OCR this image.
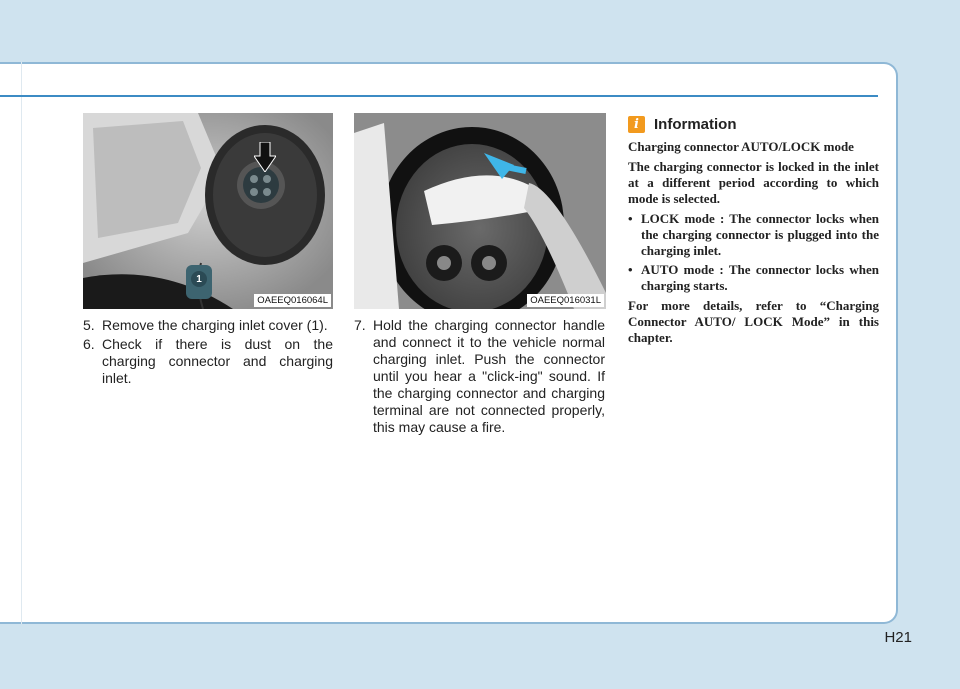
1
OAEEQ016064L	OAEEQ016031L
5. Remove the charging inlet cover (1).
6. Check if there is dust on the charging connector and charging inlet.
7. Hold the charging connector handle and connect it to the vehicle normal charging inlet. Push the connector until you hear a "click-ing" sound. If the charging connector and charging terminal are not connected properly, this may cause a fire.
i	Information

Charging connector AUTO/LOCK mode

The charging connector is locked in the inlet at a different period according to which mode is selected.

• LOCK mode : The connector locks when the charging connector is plugged into the charging inlet.
• AUTO mode : The connector locks when charging starts.

For more details, refer to “Charging Connector AUTO/ LOCK Mode” in this chapter.

H21
